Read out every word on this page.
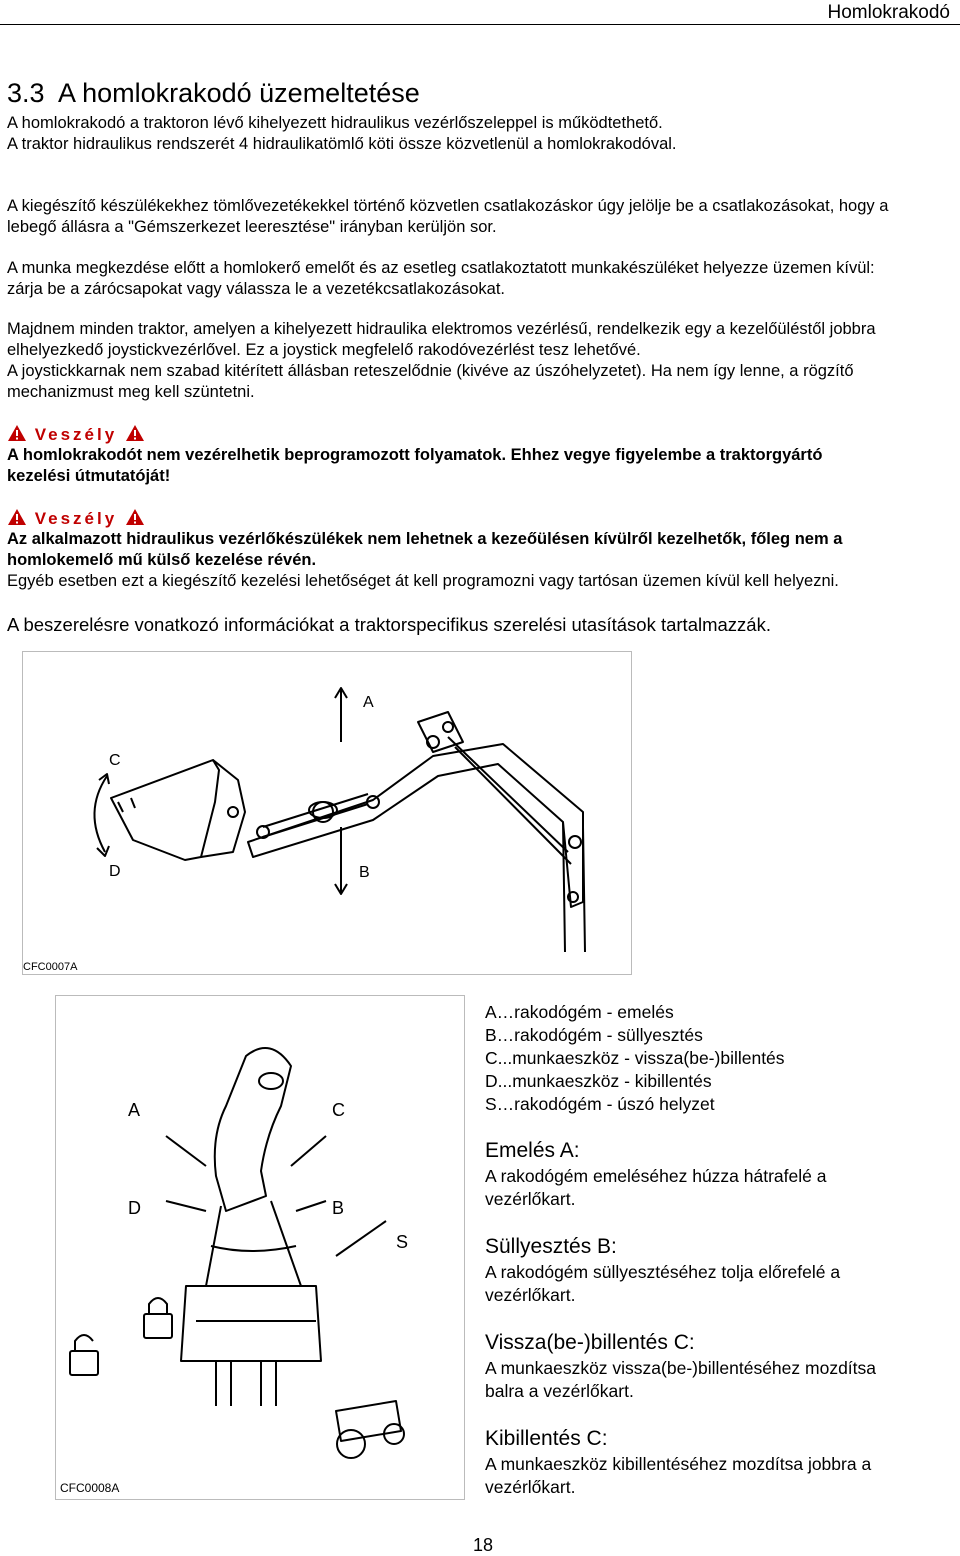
Homlokrakodó
3.3  A homlokrakodó üzemeltetése

A homlokrakodó a traktoron lévő kihelyezett hidraulikus vezérlőszeleppel is működtethető.
A traktor hidraulikus rendszerét 4 hidraulikatömlő köti össze közvetlenül a homlokrakodóval.

A kiegészítő készülékekhez tömlővezetékekkel történő közvetlen csatlakozáskor úgy jelölje be a csatlakozásokat, hogy a
lebegő állásra a "Gémszerkezet leeresztése" irányban kerüljön sor.

A munka megkezdése előtt a homlokerő emelőt és az esetleg csatlakoztatott munkakészüléket helyezze üzemen kívül:
zárja be a zárócsapokat vagy válassza le a vezetékcsatlakozásokat.

Majdnem minden traktor, amelyen a kihelyezett hidraulika elektromos vezérlésű, rendelkezik egy a kezelőüléstől jobbra
elhelyezkedő joystickvezérlővel. Ez a joystick megfelelő rakodóvezérlést tesz lehetővé.
A joystickkarnak nem szabad kitérített állásban reteszelődnie (kivéve az úszóhelyzetet). Ha nem így lenne, a rögzítő
mechanizmust meg kell szüntetni.

Veszély

A homlokrakodót nem vezérelhetik beprogramozott folyamatok. Ehhez vegye figyelembe a traktorgyártó
kezelési útmutatóját!

Veszély

Az alkalmazott hidraulikus vezérlőkészülékek nem lehetnek a kezeőülésen kívülről kezelhetők, főleg nem a
homlokemelő mű külső kezelése révén.
Egyéb esetben ezt a kiegészítő kezelési lehetőséget át kell programozni vagy tartósan üzemen kívül kell helyezni.

A beszerelésre vonatkozó információkat a traktorspecifikus szerelési utasítások tartalmazzák.
A
B
C
D
CFC0007A
A	C
D	B
S
CFC0008A
A…rakodógém - emelés
B…rakodógém - süllyesztés
C...munkaeszköz - vissza(be-)billentés
D...munkaeszköz - kibillentés
S…rakodógém - úszó helyzet
Emelés A:
A rakodógém emeléséhez húzza hátrafelé a
vezérlőkart.
Süllyesztés B:
A rakodógém süllyesztéséhez tolja előrefelé a
vezérlőkart.
Vissza(be-)billentés C:
A munkaeszköz vissza(be-)billentéséhez mozdítsa
balra a vezérlőkart.
Kibillentés C:
A munkaeszköz kibillentéséhez mozdítsa jobbra a
vezérlőkart.
18
